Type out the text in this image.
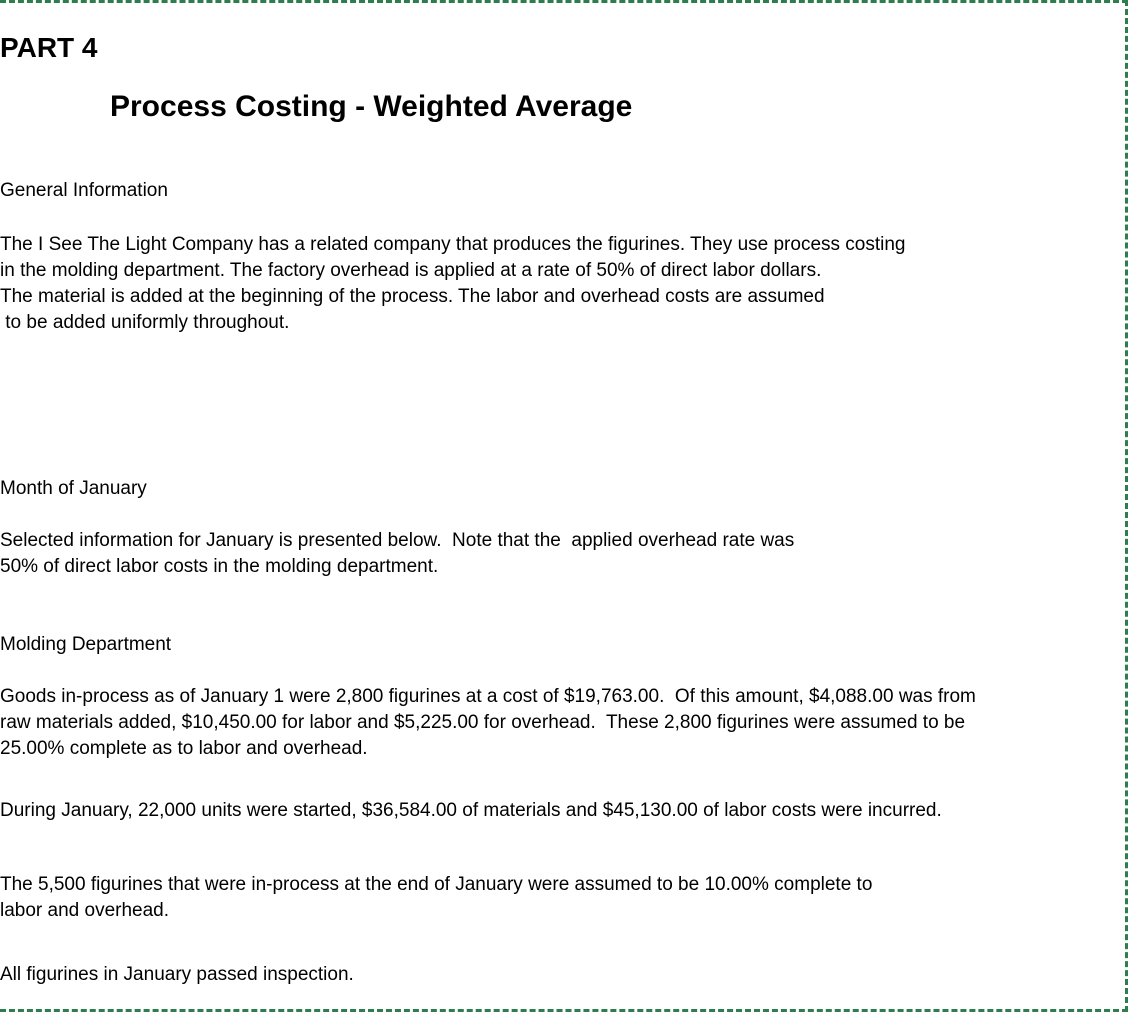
PART 4
Process Costing - Weighted Average

General Information

The I See The Light Company has a related company that produces the figurines. They use process costing

in the molding department. The factory overhead is applied at a rate of 50% of direct labor dollars.

The material is added at the beginning of the process. The labor and overhead costs are assumed

to be added uniformly throughout.

Month of January

Selected information for January is presented below.  Note that the  applied overhead rate was

50% of direct labor costs in the molding department.

Molding Department

Goods in-process as of January 1 were 2,800 figurines at a cost of $19,763.00.  Of this amount, $4,088.00 was from

raw materials added, $10,450.00 for labor and $5,225.00 for overhead.  These 2,800 figurines were assumed to be

25.00% complete as to labor and overhead.

During January, 22,000 units were started, $36,584.00 of materials and $45,130.00 of labor costs were incurred.

The 5,500 figurines that were in-process at the end of January were assumed to be 10.00% complete to

labor and overhead.

All figurines in January passed inspection.
